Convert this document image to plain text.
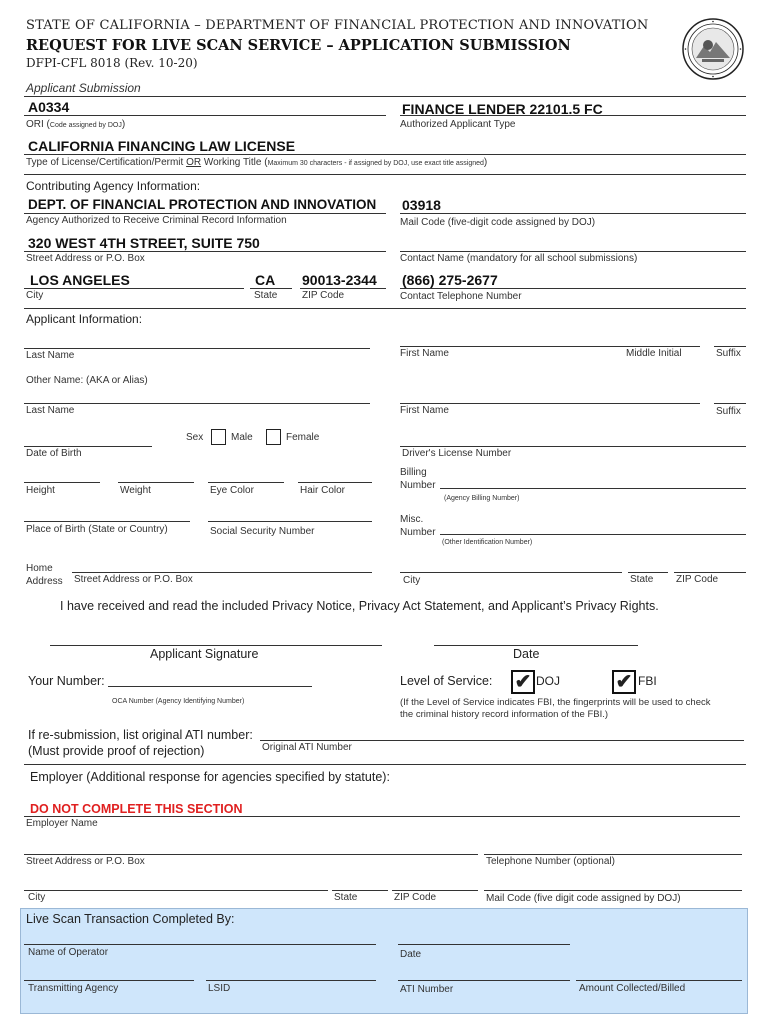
STATE OF CALIFORNIA – DEPARTMENT OF FINANCIAL PROTECTION AND INNOVATION
REQUEST FOR LIVE SCAN SERVICE – APPLICATION SUBMISSION
DFPI-CFL 8018 (Rev. 10-20)
Applicant Submission
A0334
ORI (Code assigned by DOJ)
FINANCE LENDER 22101.5 FC
Authorized Applicant Type
CALIFORNIA FINANCING LAW LICENSE
Type of License/Certification/Permit OR Working Title (Maximum 30 characters - if assigned by DOJ, use exact title assigned)
Contributing Agency Information:
DEPT. OF FINANCIAL PROTECTION AND INNOVATION
Agency Authorized to Receive Criminal Record Information
03918
Mail Code (five-digit code assigned by DOJ)
320 WEST 4TH STREET, SUITE 750
Street Address or P.O. Box	Contact Name (mandatory for all school submissions)
LOS ANGELES
City
CA
State
90013-2344
ZIP Code
(866) 275-2677
Contact Telephone Number
Applicant Information:
Last Name	First Name	Middle Initial	Suffix
Other Name: (AKA or Alias)
Last Name	First Name	Suffix
Sex	Male	Female
Date of Birth	Driver's License Number
Height	Weight	Eye Color	Hair Color
Billing
Number
(Agency Billing Number)
Place of Birth (State or Country)	Social Security Number
Misc.
Number
(Other Identification Number)
Home
Address Street Address or P.O. Box	City	State ZIP Code
I have received and read the included Privacy Notice, Privacy Act Statement, and Applicant’s Privacy Rights.
Applicant Signature	Date
Your Number:
OCA Number (Agency Identifying Number)
Level of Service: ✔ DOJ	✔ FBI
(If the Level of Service indicates FBI, the fingerprints will be used to check
the criminal history record information of the FBI.)
If re-submission, list original ATI number:
(Must provide proof of rejection)	Original ATI Number
Employer (Additional response for agencies specified by statute):
DO NOT COMPLETE THIS SECTION
Employer Name
Street Address or P.O. Box	Telephone Number (optional)
City	State	ZIP Code	Mail Code (five digit code assigned by DOJ)
Live Scan Transaction Completed By:
Name of Operator	Date
Transmitting Agency	LSID	ATI Number	Amount Collected/Billed
